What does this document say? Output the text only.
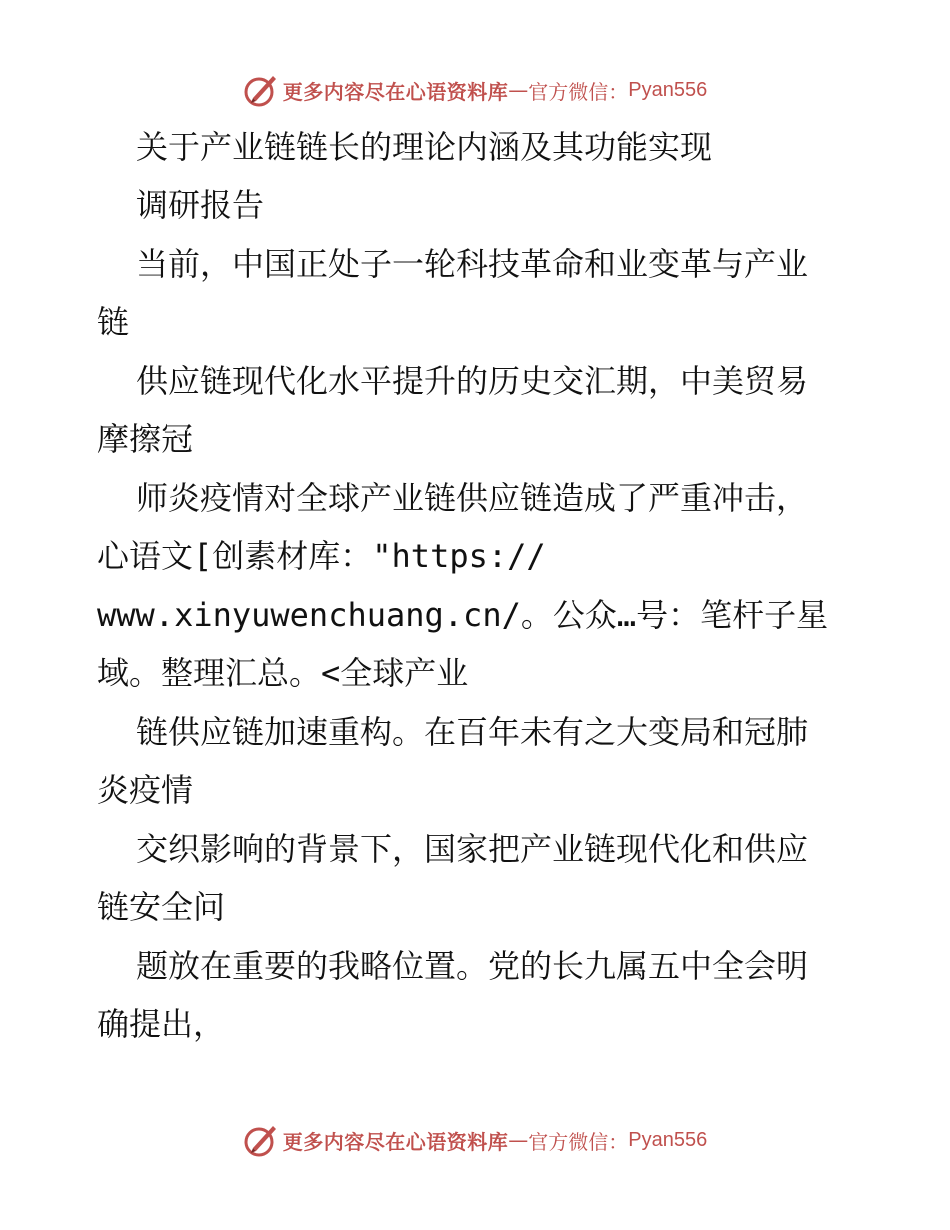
更多内容尽在心语资料库 — 官方微信： Pyan556
关于产业链链长的理论内涵及其功能实现
调研报告
当前，中国正处子一轮科技革命和业变革与产业
链
供应链现代化水平提升的历史交汇期，中美贸易
摩擦冠
师炎疫情对全球产业链供应链造成了严重冲击，
心语文[创素材库："https://
www.xinyuwenchuang.cn/。公众…号：笔杆子星
域。整理汇总。<全球产业
链供应链加速重构。在百年未有之大变局和冠肺
炎疫情
交织影响的背景下，国家把产业链现代化和供应
链安全问
题放在重要的我略位置。党的长九属五中全会明
确提出，
更多内容尽在心语资料库 — 官方微信： Pyan556
